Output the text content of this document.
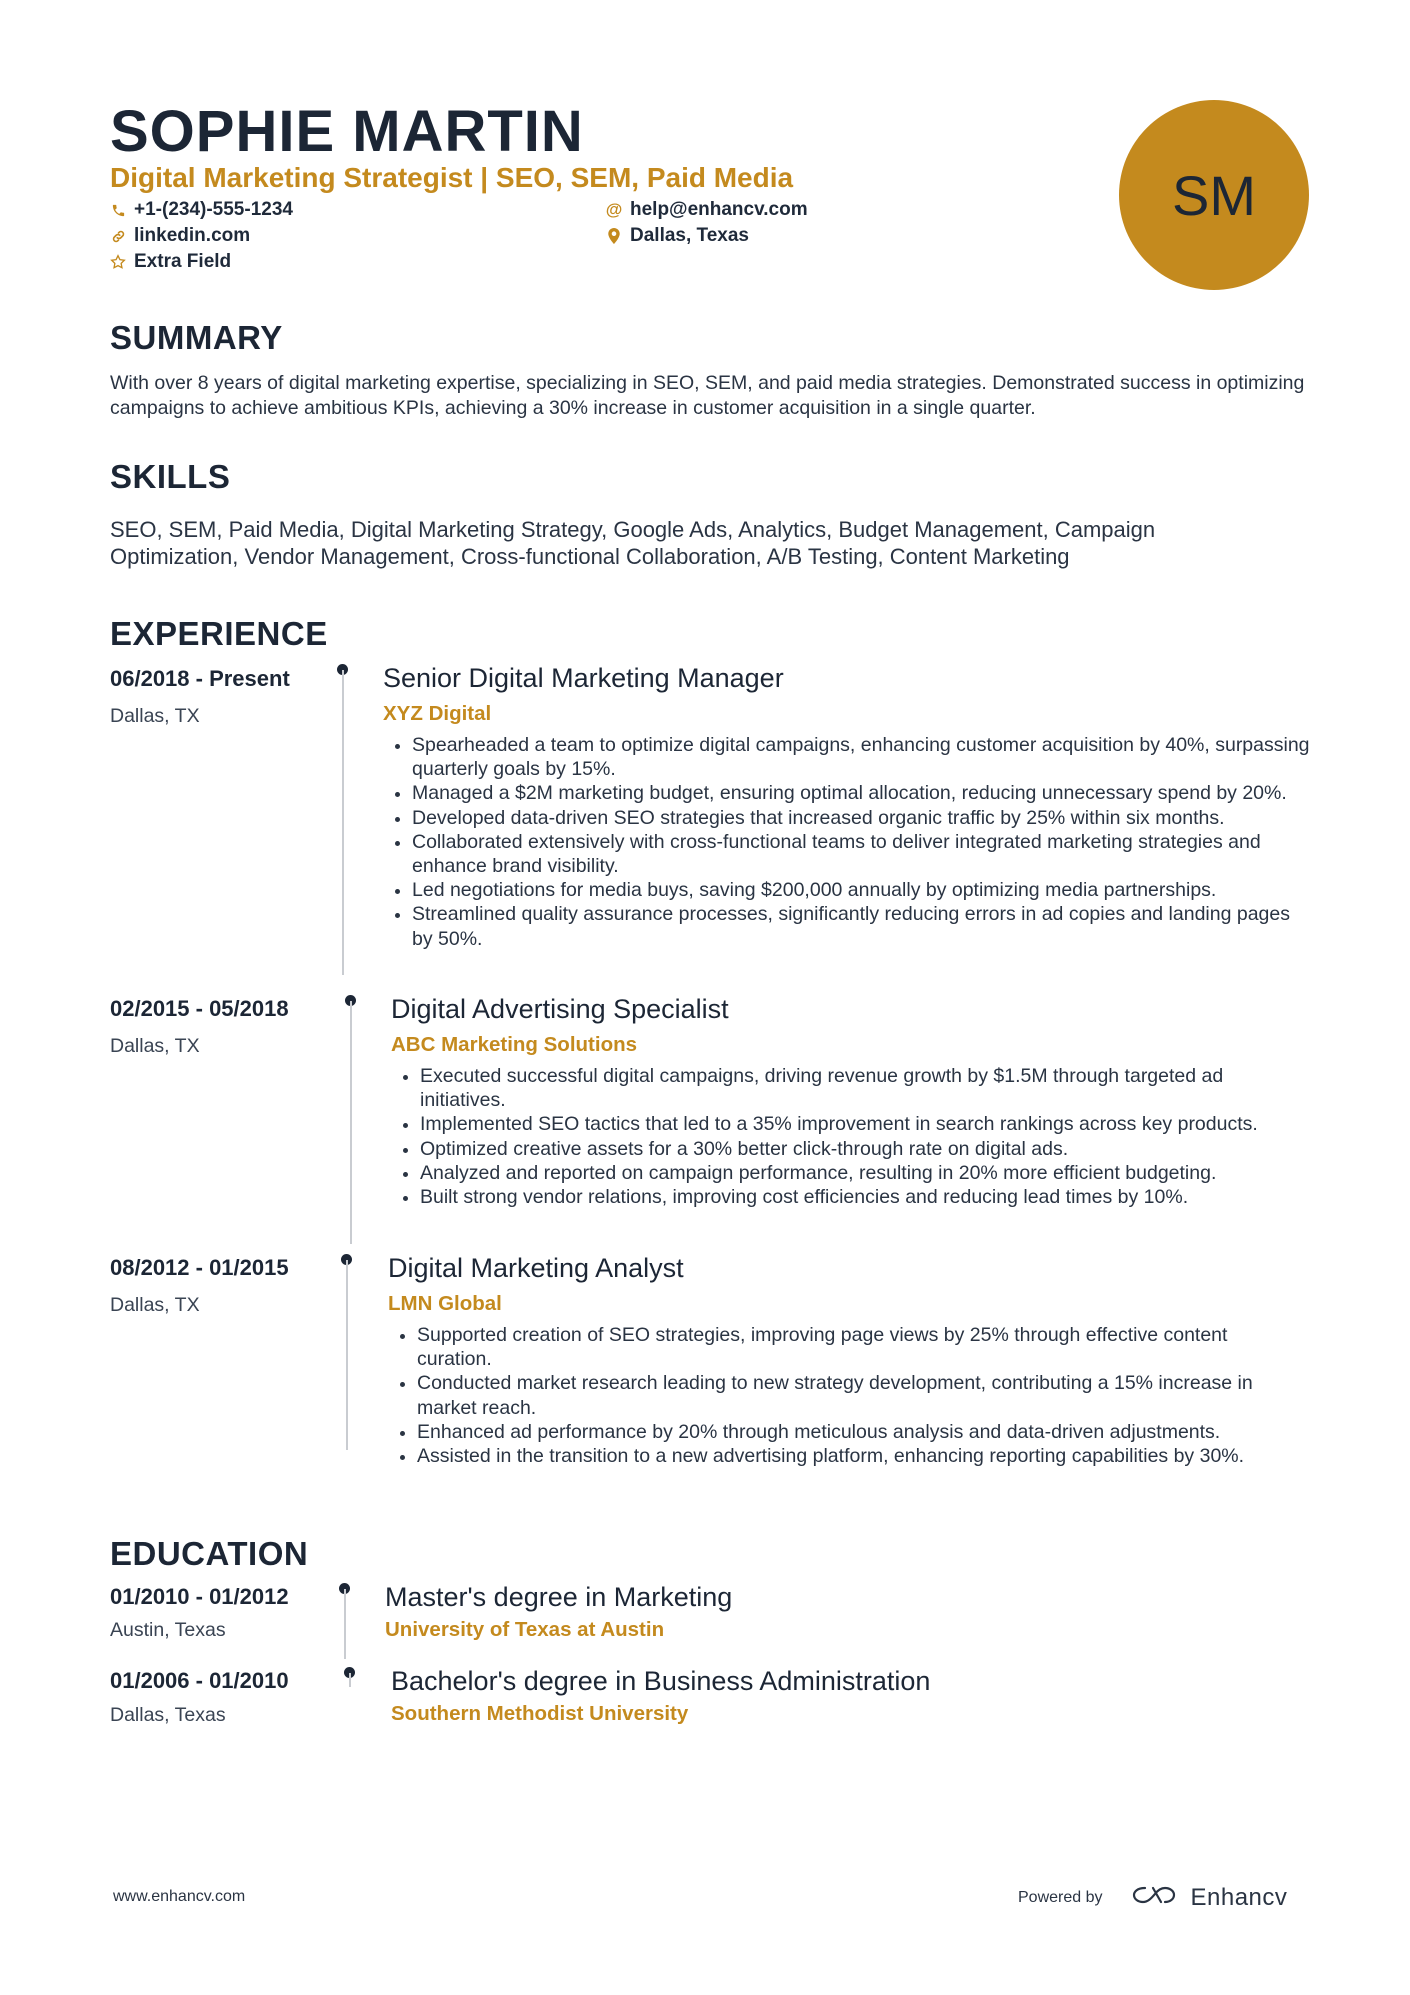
SOPHIE MARTIN
Digital Marketing Strategist | SEO, SEM, Paid Media
+1-(234)-555-1234	@ help@enhancv.com
linkedin.com	Dallas, Texas
Extra Field
SM
SUMMARY
With over 8 years of digital marketing expertise, specializing in SEO, SEM, and paid media strategies. Demonstrated success in optimizing campaigns to achieve ambitious KPIs, achieving a 30% increase in customer acquisition in a single quarter.
SKILLS
SEO, SEM, Paid Media, Digital Marketing Strategy, Google Ads, Analytics, Budget Management, Campaign Optimization, Vendor Management, Cross-functional Collaboration, A/B Testing, Content Marketing
EXPERIENCE
06/2018 - Present
Dallas, TX
Senior Digital Marketing Manager
XYZ Digital
Spearheaded a team to optimize digital campaigns, enhancing customer acquisition by 40%, surpassing quarterly goals by 15%.
Managed a $2M marketing budget, ensuring optimal allocation, reducing unnecessary spend by 20%.
Developed data-driven SEO strategies that increased organic traffic by 25% within six months.
Collaborated extensively with cross-functional teams to deliver integrated marketing strategies and enhance brand visibility.
Led negotiations for media buys, saving $200,000 annually by optimizing media partnerships.
Streamlined quality assurance processes, significantly reducing errors in ad copies and landing pages by 50%.
02/2015 - 05/2018
Dallas, TX
Digital Advertising Specialist
ABC Marketing Solutions
Executed successful digital campaigns, driving revenue growth by $1.5M through targeted ad initiatives.
Implemented SEO tactics that led to a 35% improvement in search rankings across key products.
Optimized creative assets for a 30% better click-through rate on digital ads.
Analyzed and reported on campaign performance, resulting in 20% more efficient budgeting.
Built strong vendor relations, improving cost efficiencies and reducing lead times by 10%.
08/2012 - 01/2015
Dallas, TX
Digital Marketing Analyst
LMN Global
Supported creation of SEO strategies, improving page views by 25% through effective content curation.
Conducted market research leading to new strategy development, contributing a 15% increase in market reach.
Enhanced ad performance by 20% through meticulous analysis and data-driven adjustments.
Assisted in the transition to a new advertising platform, enhancing reporting capabilities by 30%.
EDUCATION
01/2010 - 01/2012
Austin, Texas
Master's degree in Marketing
University of Texas at Austin
01/2006 - 01/2010
Dallas, Texas
Bachelor's degree in Business Administration
Southern Methodist University
www.enhancv.com	Powered by	Enhancv
